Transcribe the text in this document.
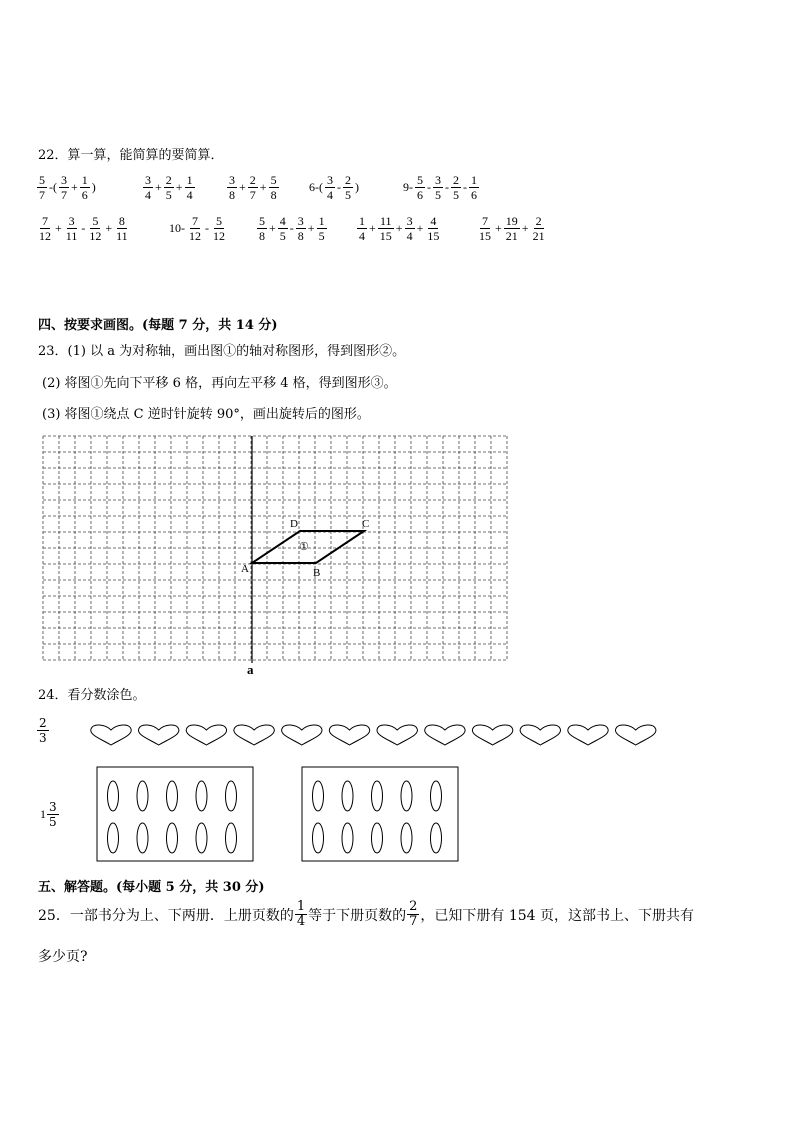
22．算一算，能简算的要简算．
$\frac{5}{7}$ -( $\frac{3}{7} + \frac{1}{6}$ )	$\frac{3}{4} + \frac{2}{5} + \frac{1}{4}$	$\frac{3}{8} + \frac{2}{7} + \frac{5}{8}$	$6-( \frac{3}{4} - \frac{2}{5}$ )	$9- \frac{5}{6} - \frac{3}{5} - \frac{2}{5} - \frac{1}{6}$
$\frac{7}{12} + \frac{3}{11} - \frac{5}{12} + \frac{8}{11}$	$10- \frac{7}{12} - \frac{5}{12}$	$\frac{5}{8} + \frac{4}{5} - \frac{3}{8} + \frac{1}{5}$	$\frac{1}{4} + \frac{11}{15} + \frac{3}{4} + \frac{4}{15}$	$\frac{7}{15} + \frac{19}{21} + \frac{2}{21}$
四、按要求画图。(每题 7 分，共 14 分)
23．(1) 以 a 为对称轴，画出图①的轴对称图形，得到图形②。
(2) 将图①先向下平移 6 格，再向左平移 4 格，得到图形③。
(3) 将图①绕点 C 逆时针旋转 90°，画出旋转后的图形。
A	B
C
D
①
a
24．看分数涂色。
$\frac{2}{3}$
$1 \frac{3}{5}$
五、解答题。(每小题 5 分，共 30 分)
25．一部书分为上、下两册．上册页数的 $\frac{1}{4}$ 等于下册页数的 $\frac{2}{7}$ ，已知下册有 154 页，这部书上、下册共有
多少页?
